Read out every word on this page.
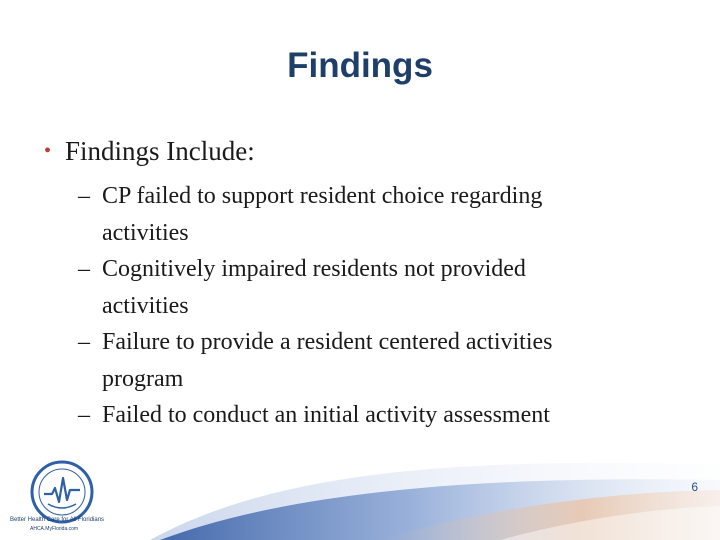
Findings
• Findings Include:
– CP failed to support resident choice regarding
activities
– Cognitively impaired residents not provided
activities
– Failure to provide a resident centered activities
program
– Failed to conduct an initial activity assessment
Better Health Care for All Floridians
AHCA.MyFlorida.com
6
